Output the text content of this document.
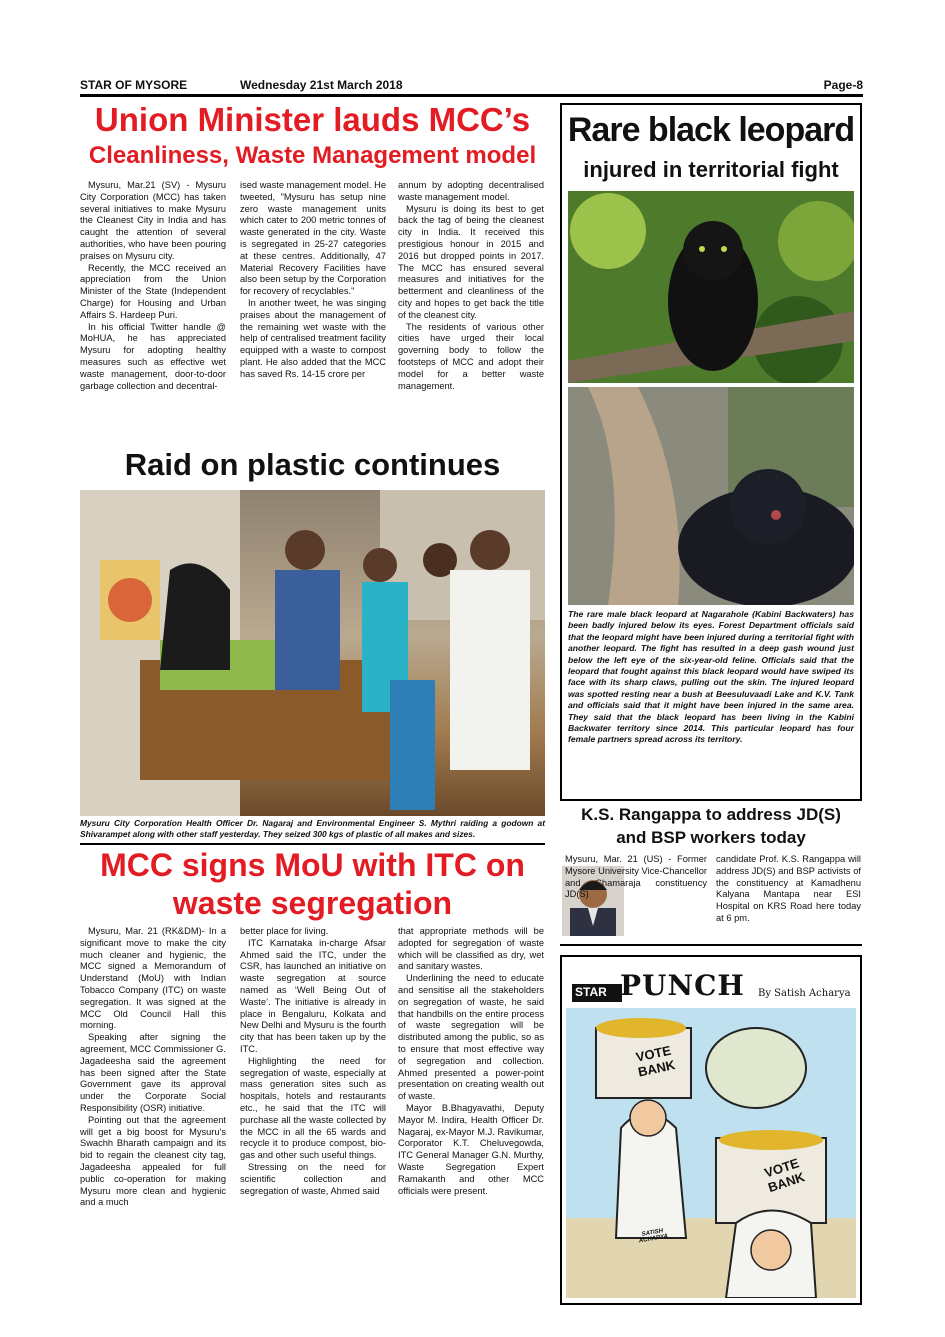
STAR OF MYSORE	Wednesday 21st March 2018	Page-8
Union Minister lauds MCC’s
Cleanliness, Waste Management model

Mysuru, Mar.21 (SV) - Mysuru City Corporation (MCC) has taken several initiatives to make Mysuru the Cleanest City in India and has caught the attention of several authorities, who have been pouring praises on Mysuru city.

Recently, the MCC received an appreciation from the Union Minister of the State (Independent Charge) for Housing and Urban Affairs S. Hardeep Puri.

In his official Twitter handle @ MoHUA, he has appreciated Mysuru for adopting healthy measures such as effective wet waste management, door-to-door garbage collection and decentral-

ised waste management model. He tweeted, "Mysuru has setup nine zero waste management units which cater to 200 metric tonnes of waste generated in the city. Waste is segregated in 25-27 categories at these centres. Additionally, 47 Material Recovery Facilities have also been setup by the Corporation for recovery of recyclables."

In another tweet, he was singing praises about the management of the remaining wet waste with the help of centralised treatment facility equipped with a waste to compost plant. He also added that the MCC has saved Rs. 14-15 crore per

annum by adopting decentralised waste management model.

Mysuru is doing its best to get back the tag of being the cleanest city in India. It received this prestigious honour in 2015 and 2016 but dropped points in 2017. The MCC has ensured several measures and initiatives for the betterment and cleanliness of the city and hopes to get back the title of the cleanest city.

The residents of various other cities have urged their local governing body to follow the footsteps of MCC and adopt their model for a better waste management.

Raid on plastic continues
Mysuru City Corporation Health Officer Dr. Nagaraj and Environmental Engineer S. Mythri raiding a godown at Shivarampet along with other staff yesterday. They seized 300 kgs of plastic of all makes and sizes.
MCC signs MoU with ITC on
waste segregation

Mysuru, Mar. 21 (RK&DM)- In a significant move to make the city much cleaner and hygienic, the MCC signed a Memorandum of Understand (MoU) with Indian Tobacco Company (ITC) on waste segregation. It was signed at the MCC Old Council Hall this morning.

Speaking after signing the agreement, MCC Commissioner G. Jagadeesha said the agreement has been signed after the State Government gave its approval under the Corporate Social Responsibility (OSR) initiative.

Pointing out that the agreement will get a big boost for Mysuru's Swachh Bharath campaign and its bid to regain the cleanest city tag, Jagadeesha appealed for full public co-operation for making Mysuru more clean and hygienic and a much

better place for living.

ITC Karnataka in-charge Afsar Ahmed said the ITC, under the CSR, has launched an initiative on waste segregation at source named as ‘Well Being Out of Waste’. The initiative is already in place in Bengaluru, Kolkata and New Delhi and Mysuru is the fourth city that has been taken up by the ITC.

Highlighting the need for segregation of waste, especially at mass generation sites such as hospitals, hotels and restaurants etc., he said that the ITC will purchase all the waste collected by the MCC in all the 65 wards and recycle it to produce compost, bio-gas and other such useful things.

Stressing on the need for scientific collection and segregation of waste, Ahmed said

that appropriate methods will be adopted for segregation of waste which will be classified as dry, wet and sanitary wastes.

Underlining the need to educate and sensitise all the stakeholders on segregation of waste, he said that handbills on the entire process of waste segregation will be distributed among the public, so as to ensure that most effective way of segregation and collection. Ahmed presented a power-point presentation on creating wealth out of waste.

Mayor B.Bhagyavathi, Deputy Mayor M. Indira, Health Officer Dr. Nagaraj, ex-Mayor M.J. Ravikumar, Corporator K.T. Cheluvegowda, ITC General Manager G.N. Murthy, Waste Segregation Expert Ramakanth and other MCC officials were present.

Rare black leopard
injured in territorial fight
The rare male black leopard at Nagarahole (Kabini Backwaters) has been badly injured below its eyes. Forest Department officials said that the leopard might have been injured during a territorial fight with another leopard. The fight has resulted in a deep gash wound just below the left eye of the six-year-old feline. Officials said that the leopard that fought against this black leopard would have swiped its face with its sharp claws, pulling out the skin. The injured leopard was spotted resting near a bush at Beesuluvaadi Lake and K.V. Tank and officials said that it might have been injured in the same area. They said that the black leopard has been living in the Kabini Backwater territory since 2014. This particular leopard has four female partners spread across its territory.
K.S. Rangappa to address JD(S)
and BSP workers today

Mysuru, Mar. 21 (US) - Former Mysore University Vice-Chancellor and Chamaraja constituency JD(S)

candidate Prof. K.S. Rangappa will address JD(S) and BSP activists of the constituency at Kamadhenu Kalyana Mantapa near ESI Hospital on KRS Road here today at 6 pm.

STAR PUNCH By Satish Acharya
VOTE BANK
VOTE BANK
SATISH ACHARYA
